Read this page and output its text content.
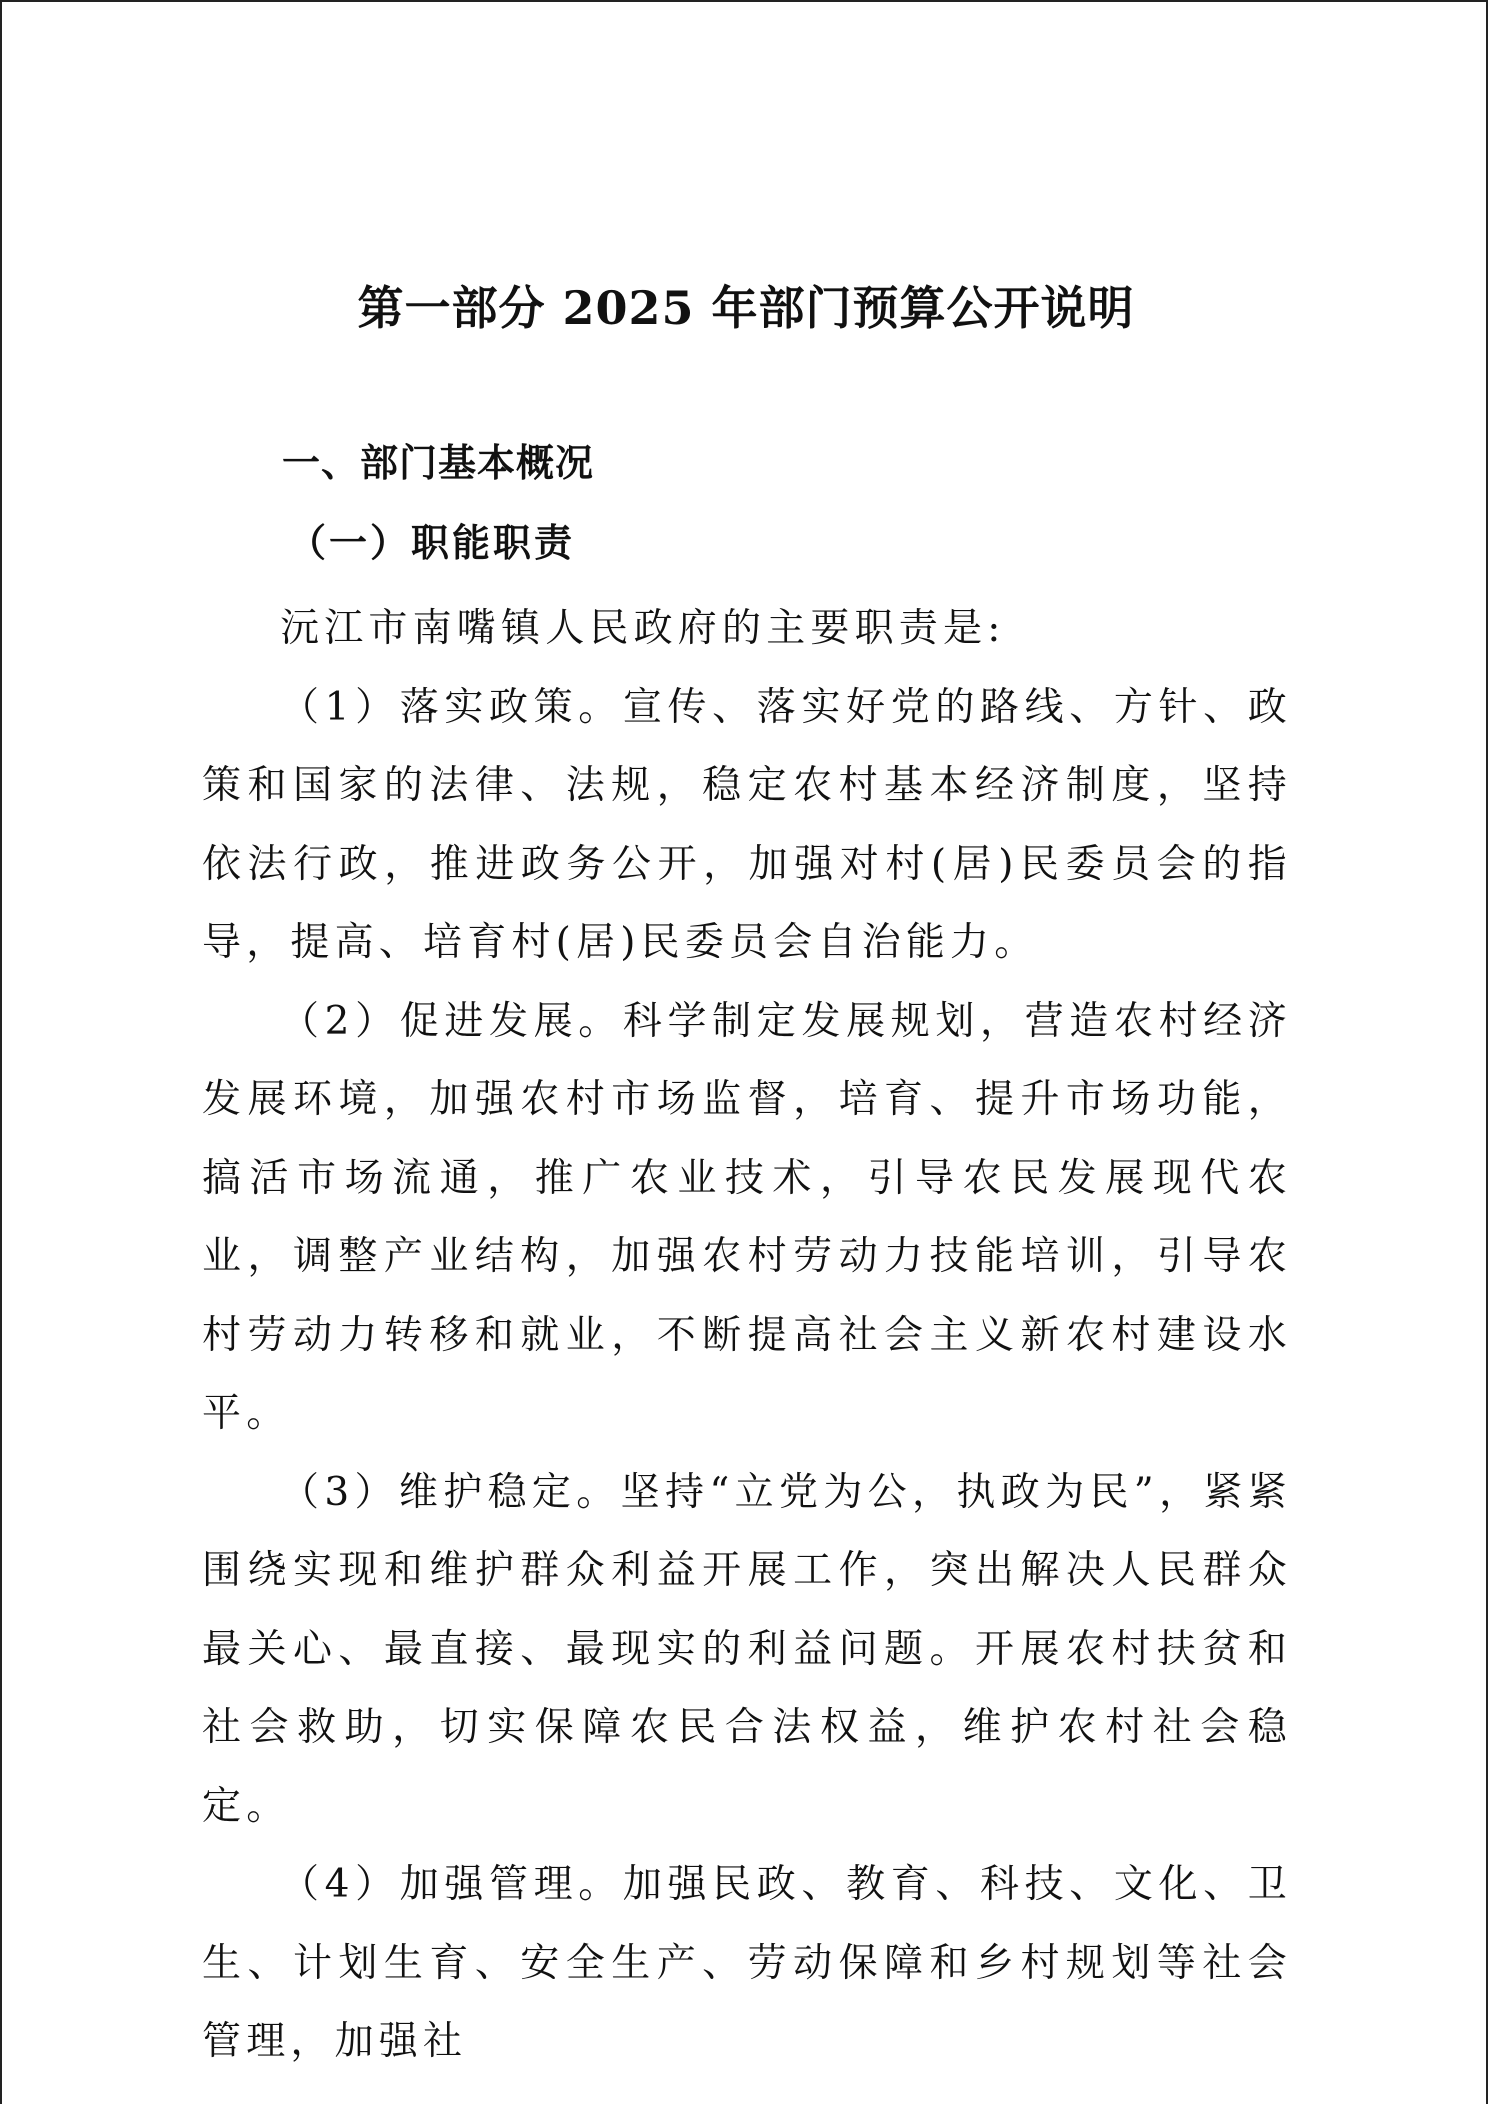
第一部分 2025 年部门预算公开说明
一、部门基本概况
（一）职能职责

沅江市南嘴镇人民政府的主要职责是:

（1）落实政策。宣传、落实好党的路线、方针、政策和国家的法律、法规，稳定农村基本经济制度，坚持依法行政，推进政务公开，加强对村(居)民委员会的指导，提高、培育村(居)民委员会自治能力。

（2）促进发展。科学制定发展规划，营造农村经济发展环境，加强农村市场监督，培育、提升市场功能，搞活市场流通，推广农业技术，引导农民发展现代农业，调整产业结构，加强农村劳动力技能培训，引导农村劳动力转移和就业，不断提高社会主义新农村建设水平。

（3）维护稳定。坚持“立党为公，执政为民”，紧紧围绕实现和维护群众利益开展工作，突出解决人民群众最关心、最直接、最现实的利益问题。开展农村扶贫和社会救助，切实保障农民合法权益，维护农村社会稳定。

（4）加强管理。加强民政、教育、科技、文化、卫生、计划生育、安全生产、劳动保障和乡村规划等社会管理，加强社
